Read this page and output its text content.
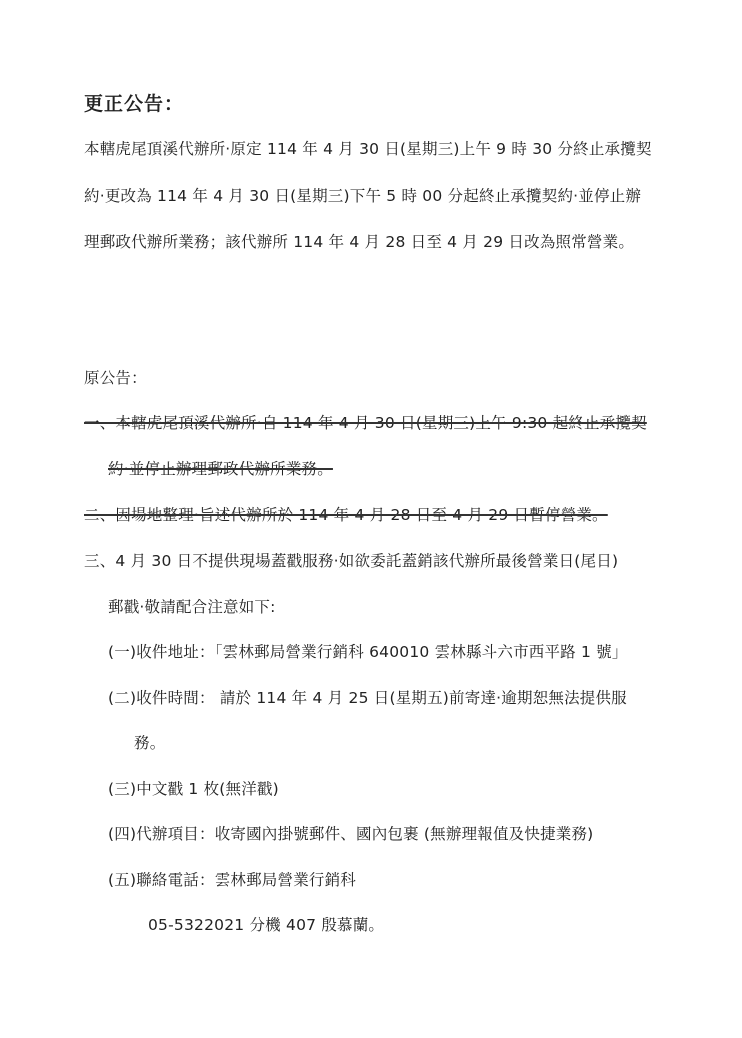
更正公告：
本轄虎尾頂溪代辦所‧原定 114 年 4 月 30 日(星期三)上午 9 時 30 分終止承攬契
約‧更改為 114 年 4 月 30 日(星期三)下午 5 時 00 分起終止承攬契約‧並停止辦
理郵政代辦所業務；該代辦所 114 年 4 月 28 日至 4 月 29 日改為照常營業。
原公告：
一、本轄虎尾頂溪代辦所‧自 114 年 4 月 30 日(星期三)上午 9:30 起終止承攬契
約‧並停止辦理郵政代辦所業務。
二、因場地整理‧旨述代辦所於 114 年 4 月 28 日至 4 月 29 日暫停營業。
三、4 月 30 日不提供現場蓋戳服務‧如欲委託蓋銷該代辦所最後營業日(尾日)
郵戳‧敬請配合注意如下:
(一)收件地址：「雲林郵局營業行銷科 640010 雲林縣斗六市西平路 1 號」
(二)收件時間： 請於 114 年 4 月 25 日(星期五)前寄達‧逾期恕無法提供服
務。
(三)中文戳 1 枚(無洋戳)
(四)代辦項目：收寄國內掛號郵件、國內包裹 (無辦理報值及快捷業務)
(五)聯絡電話：雲林郵局營業行銷科
05-5322021 分機 407 殷慕蘭。
